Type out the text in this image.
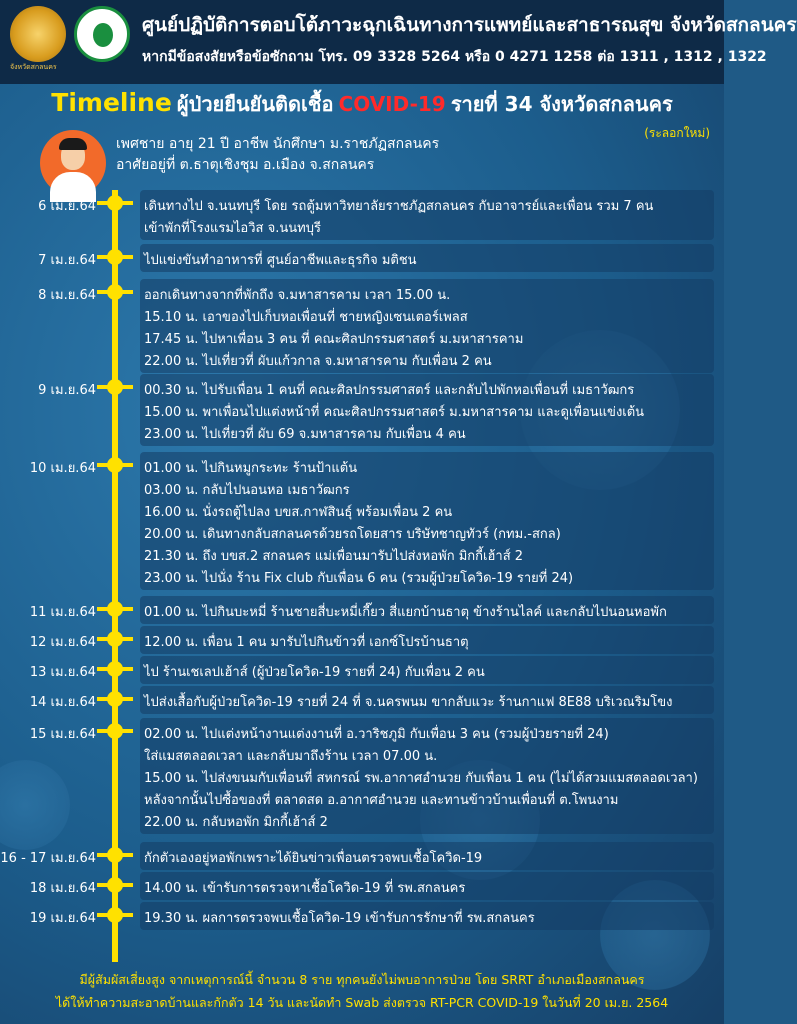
จังหวัดสกลนคร
ศูนย์ปฏิบัติการตอบโต้ภาวะฉุกเฉินทางการแพทย์และสาธารณสุข จังหวัดสกลนคร
หากมีข้อสงสัยหรือข้อซักถาม โทร. 09 3328 5264 หรือ 0 4271 1258 ต่อ 1311 , 1312 , 1322
Timeline ผู้ป่วยยืนยันติดเชื้อ COVID-19 รายที่ 34 จังหวัดสกลนคร
(ระลอกใหม่)
เพศชาย อายุ 21 ปี อาชีพ นักศึกษา ม.ราชภัฏสกลนคร
อาศัยอยู่ที่ ต.ธาตุเชิงชุม อ.เมือง จ.สกลนคร
6 เม.ย.64	เดินทางไป จ.นนทบุรี โดย รถตู้มหาวิทยาลัยราชภัฏสกลนคร กับอาจารย์และเพื่อน รวม 7 คน
เข้าพักที่โรงแรมไอวิส จ.นนทบุรี
7 เม.ย.64	ไปแข่งขันทำอาหารที่ ศูนย์อาชีพและธุรกิจ มติชน
8 เม.ย.64	ออกเดินทางจากที่พักถึง จ.มหาสารคาม เวลา 15.00 น.
15.10 น. เอาของไปเก็บหอเพื่อนที่ ชายหญิงเซนเตอร์เพลส
17.45 น. ไปหาเพื่อน 3 คน ที่ คณะศิลปกรรมศาสตร์ ม.มหาสารคาม
22.00 น. ไปเที่ยวที่ ผับแก้วกาล จ.มหาสารคาม กับเพื่อน 2 คน
9 เม.ย.64	00.30 น. ไปรับเพื่อน 1 คนที่ คณะศิลปกรรมศาสตร์ และกลับไปพักหอเพื่อนที่ เมธาวัฒกร
15.00 น. พาเพื่อนไปแต่งหน้าที่ คณะศิลปกรรมศาสตร์ ม.มหาสารคาม และดูเพื่อนแข่งเต้น
23.00 น. ไปเที่ยวที่ ผับ 69 จ.มหาสารคาม กับเพื่อน 4 คน
10 เม.ย.64	01.00 น. ไปกินหมูกระทะ ร้านป้าแต้น
03.00 น. กลับไปนอนหอ เมธาวัฒกร
16.00 น. นั่งรถตู้ไปลง บขส.กาฬสินธุ์ พร้อมเพื่อน 2 คน
20.00 น. เดินทางกลับสกลนครด้วยรถโดยสาร บริษัทชาญทัวร์ (กทม.-สกล)
21.30 น. ถึง บขส.2 สกลนคร แม่เพื่อนมารับไปส่งหอพัก มิกกี้เฮ้าส์ 2
23.00 น. ไปนั่ง ร้าน Fix club กับเพื่อน 6 คน (รวมผู้ป่วยโควิด-19 รายที่ 24)
11 เม.ย.64	01.00 น. ไปกินบะหมี่ ร้านชายสี่บะหมี่เกี๊ยว สี่แยกบ้านธาตุ ข้างร้านไลค์ และกลับไปนอนหอพัก
12 เม.ย.64	12.00 น. เพื่อน 1 คน มารับไปกินข้าวที่ เอกซ์โปรบ้านธาตุ
13 เม.ย.64	ไป ร้านเชเลปเฮ้าส์ (ผู้ป่วยโควิด-19 รายที่ 24) กับเพื่อน 2 คน
14 เม.ย.64	ไปส่งเสื้อกับผู้ป่วยโควิด-19 รายที่ 24 ที่ จ.นครพนม ขากลับแวะ ร้านกาแฟ 8E88 บริเวณริมโขง
15 เม.ย.64	02.00 น. ไปแต่งหน้างานแต่งงานที่ อ.วาริชภูมิ กับเพื่อน 3 คน (รวมผู้ป่วยรายที่ 24)
ใส่แมสตลอดเวลา และกลับมาถึงร้าน เวลา 07.00 น.
15.00 น. ไปส่งขนมกับเพื่อนที่ สหกรณ์ รพ.อากาศอำนวย กับเพื่อน 1 คน (ไม่ได้สวมแมสตลอดเวลา)
หลังจากนั้นไปซื้อของที่ ตลาดสด อ.อากาศอำนวย และทานข้าวบ้านเพื่อนที่ ต.โพนงาม
22.00 น. กลับหอพัก มิกกี้เฮ้าส์ 2
16 - 17 เม.ย.64	กักตัวเองอยู่หอพักเพราะได้ยินข่าวเพื่อนตรวจพบเชื้อโควิด-19
18 เม.ย.64	14.00 น. เข้ารับการตรวจหาเชื้อโควิด-19 ที่ รพ.สกลนคร
19 เม.ย.64	19.30 น. ผลการตรวจพบเชื้อโควิด-19 เข้ารับการรักษาที่ รพ.สกลนคร
มีผู้สัมผัสเสี่ยงสูง จากเหตุการณ์นี้ จำนวน 8 ราย ทุกคนยังไม่พบอาการป่วย โดย SRRT อำเภอเมืองสกลนคร
ได้ให้ทำความสะอาดบ้านและกักตัว 14 วัน และนัดทำ Swab ส่งตรวจ RT-PCR COVID-19 ในวันที่ 20 เม.ย. 2564
